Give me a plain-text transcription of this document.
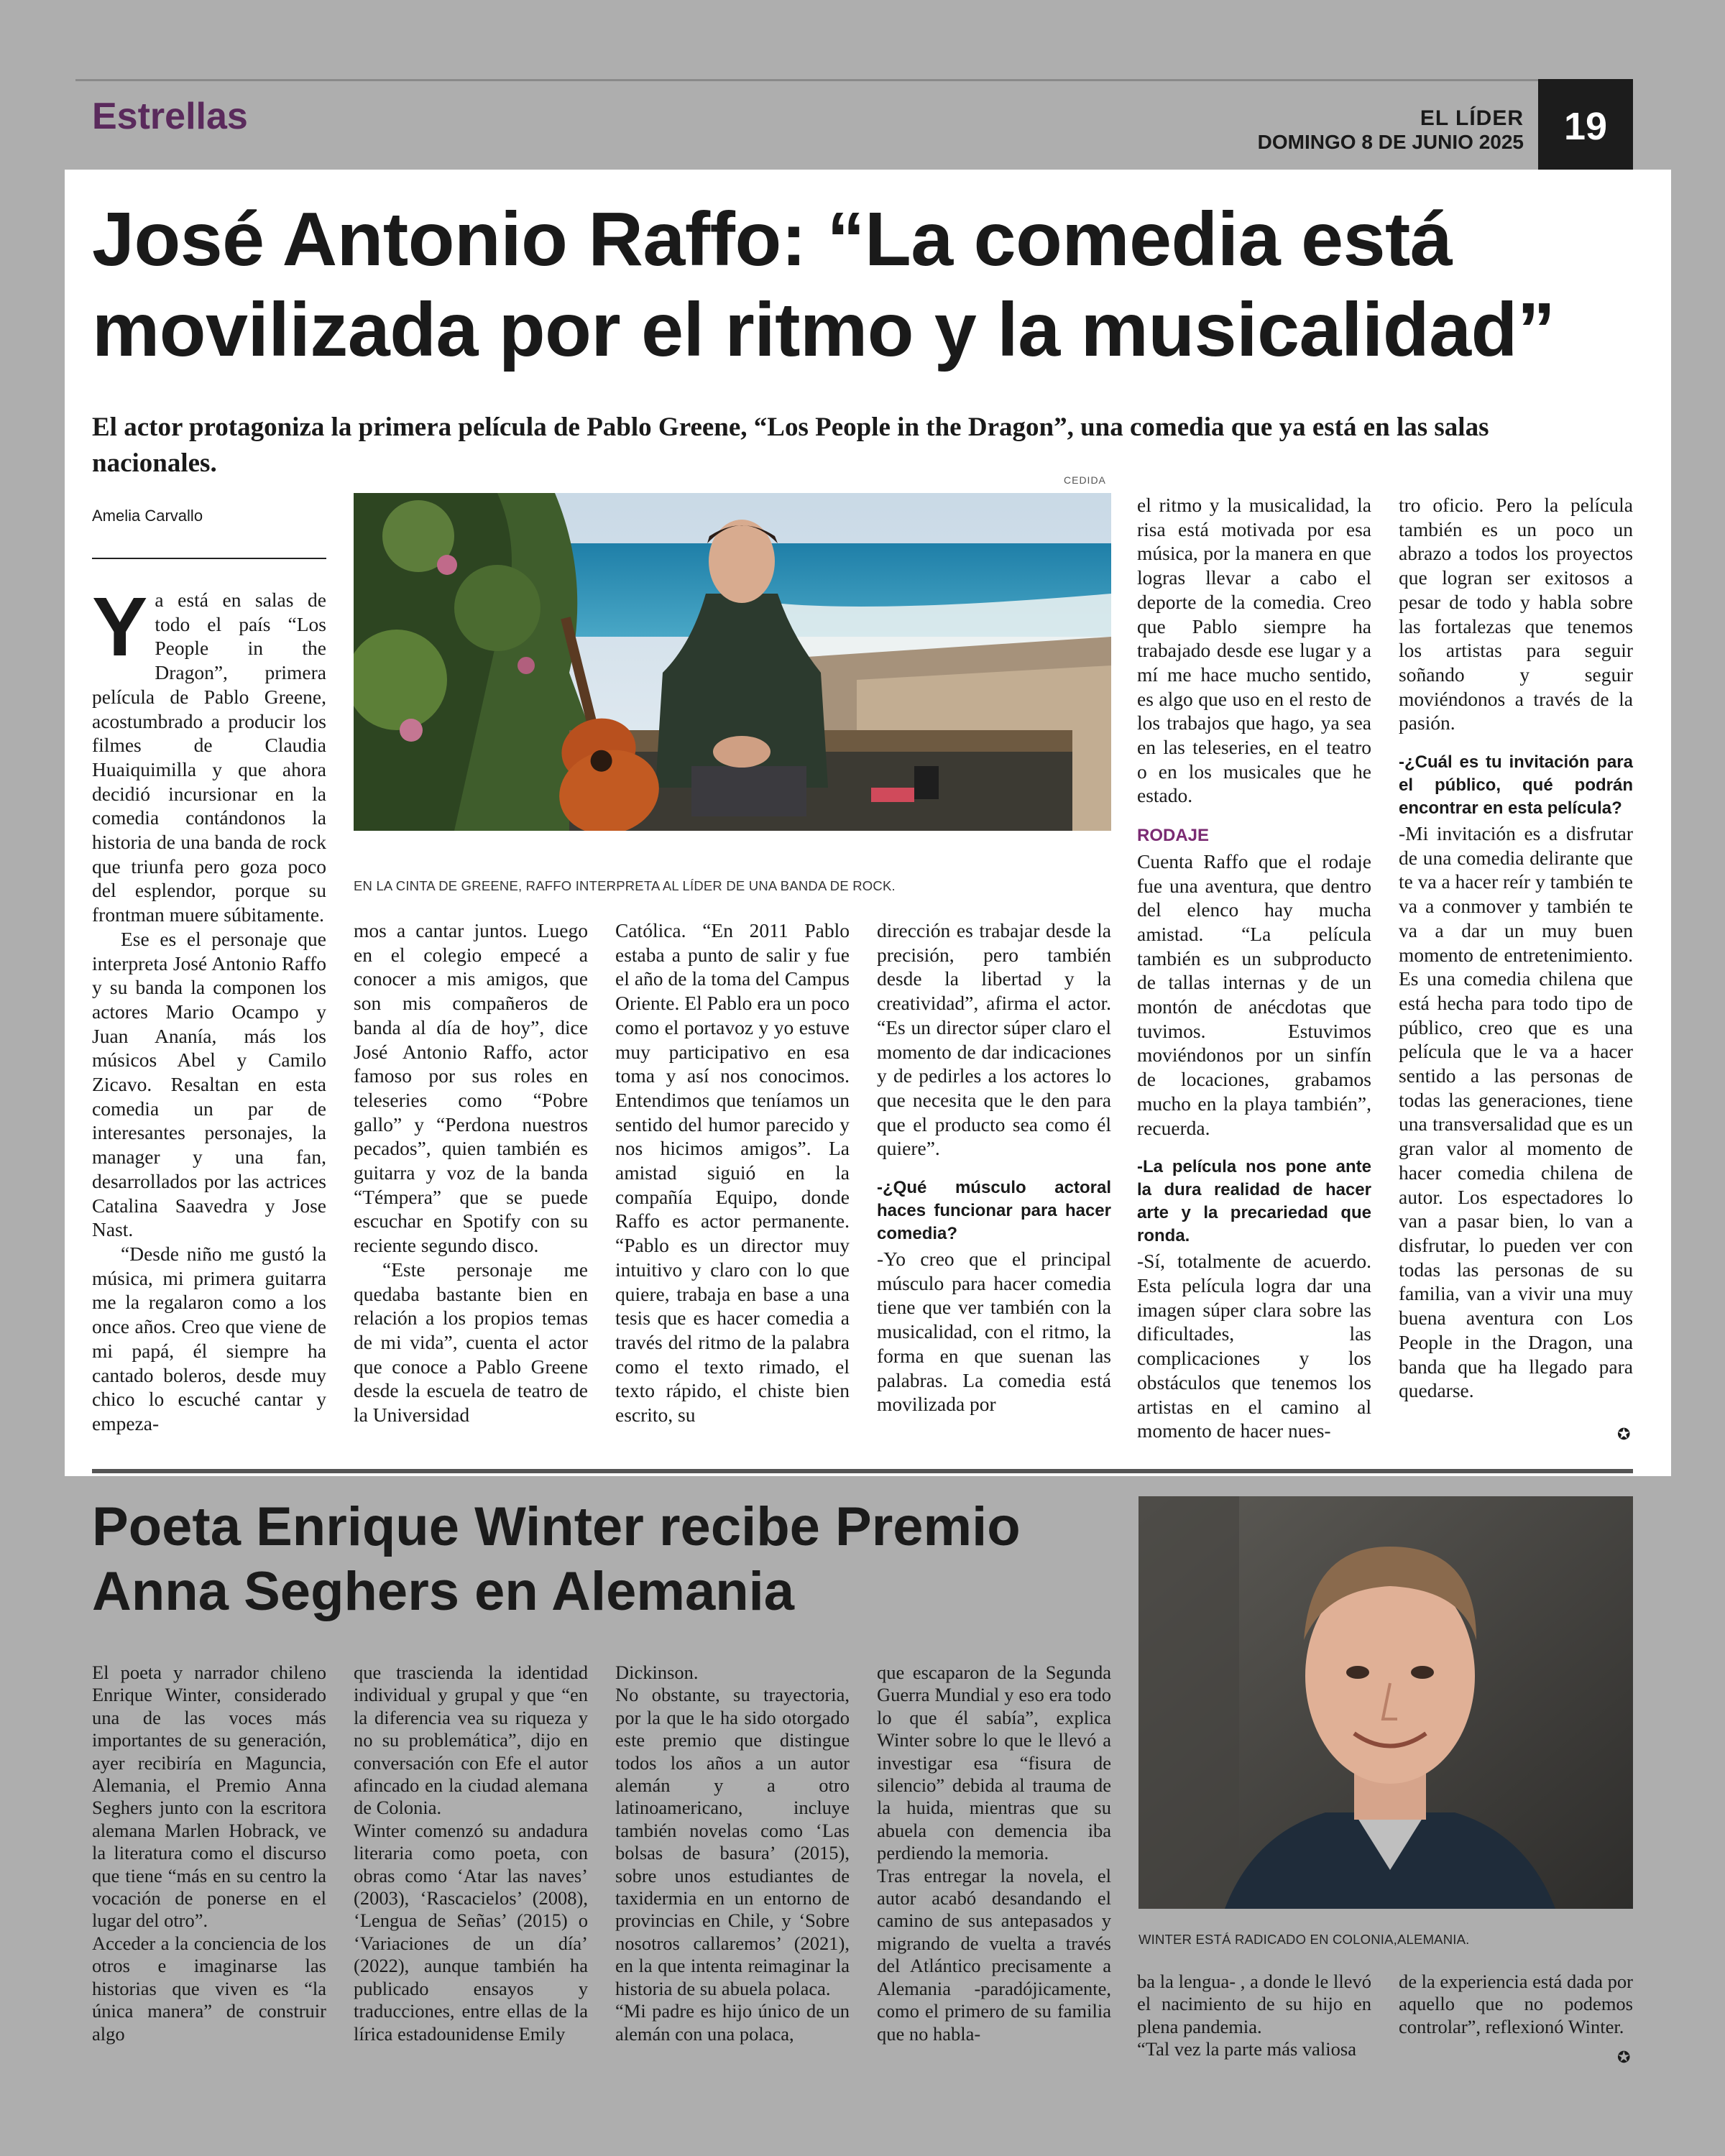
Estrellas	EL LÍDER
DOMINGO 8 DE JUNIO 2025	19
José Antonio Raffo: “La comedia está movilizada por el ritmo y la musicalidad”
El actor protagoniza la primera película de Pablo Greene, “Los People in the Dragon”, una comedia que ya está en las salas nacionales.
Amelia Carvallo
CEDIDA
EN LA CINTA DE GREENE, RAFFO INTERPRETA AL LÍDER DE UNA BANDA DE ROCK.

Ya está en salas de todo el país “Los People in the Dragon”, primera película de Pablo Greene, acostumbrado a producir los filmes de Claudia Huaiquimilla y que ahora decidió incursionar en la comedia contándonos la historia de una banda de rock que triunfa pero goza poco del esplendor, porque su frontman muere súbitamente.

Ese es el personaje que interpreta José Antonio Raffo y su banda la componen los actores Mario Ocampo y Juan Ananía, más los músicos Abel y Camilo Zicavo. Resaltan en esta comedia un par de interesantes personajes, la manager y una fan, desarrollados por las actrices Catalina Saavedra y Jose Nast.

“Desde niño me gustó la música, mi primera guitarra me la regalaron como a los once años. Creo que viene de mi papá, él siempre ha cantado boleros, desde muy chico lo escuché cantar y empeza-

mos a cantar juntos. Luego en el colegio empecé a conocer a mis amigos, que son mis compañeros de banda al día de hoy”, dice José Antonio Raffo, actor famoso por sus roles en teleseries como “Pobre gallo” y “Perdona nuestros pecados”, quien también es guitarra y voz de la banda “Témpera” que se puede escuchar en Spotify con su reciente segundo disco.

“Este personaje me quedaba bastante bien en relación a los propios temas de mi vida”, cuenta el actor que conoce a Pablo Greene desde la escuela de teatro de la Universidad

Católica. “En 2011 Pablo estaba a punto de salir y fue el año de la toma del Campus Oriente. El Pablo era un poco como el portavoz y yo estuve muy participativo en esa toma y así nos conocimos. Entendimos que teníamos un sentido del humor parecido y nos hicimos amigos”. La amistad siguió en la compañía Equipo, donde Raffo es actor permanente. “Pablo es un director muy intuitivo y claro con lo que quiere, trabaja en base a una tesis que es hacer comedia a través del ritmo de la palabra como el texto rimado, el texto rápido, el chiste bien escrito, su

dirección es trabajar desde la precisión, pero también desde la libertad y la creatividad”, afirma el actor. “Es un director súper claro el momento de dar indicaciones y de pedirles a los actores lo que necesita que le den para que el producto sea como él quiere”.

-¿Qué músculo actoral haces funcionar para hacer comedia?

-Yo creo que el principal músculo para hacer comedia tiene que ver también con la musicalidad, con el ritmo, la forma en que suenan las palabras. La comedia está movilizada por

el ritmo y la musicalidad, la risa está motivada por esa música, por la manera en que logras llevar a cabo el deporte de la comedia. Creo que Pablo siempre ha trabajado desde ese lugar y a mí me hace mucho sentido, es algo que uso en el resto de los trabajos que hago, ya sea en las teleseries, en el teatro o en los musicales que he estado.

RODAJE

Cuenta Raffo que el rodaje fue una aventura, que dentro del elenco hay mucha amistad. “La película también es un subproducto de tallas internas y de un montón de anécdotas que tuvimos. Estuvimos moviéndonos por un sinfín de locaciones, grabamos mucho en la playa también”, recuerda.

-La película nos pone ante la dura realidad de hacer arte y la precariedad que ronda.

-Sí, totalmente de acuerdo. Esta película logra dar una imagen súper clara sobre las dificultades, las complicaciones y los obstáculos que tenemos los artistas en el camino al momento de hacer nues-

tro oficio. Pero la película también es un poco un abrazo a todos los proyectos que logran ser exitosos a pesar de todo y habla sobre las fortalezas que tenemos los artistas para seguir soñando y seguir moviéndonos a través de la pasión.

-¿Cuál es tu invitación para el público, qué podrán encontrar en esta película?

-Mi invitación es a disfrutar de una comedia delirante que te va a hacer reír y también te va a conmover y también te va a dar un muy buen momento de entretenimiento. Es una comedia chilena que está hecha para todo tipo de público, creo que es una película que le va a hacer sentido a las personas de todas las generaciones, tiene una transversalidad que es un gran valor al momento de hacer comedia chilena de autor. Los espectadores lo van a pasar bien, lo van a disfrutar, lo pueden ver con todas las personas de su familia, van a vivir una muy buena aventura con Los People in the Dragon, una banda que ha llegado para quedarse.

✪
Poeta Enrique Winter recibe Premio Anna Seghers en Alemania
WINTER ESTÁ RADICADO EN COLONIA,ALEMANIA.

El poeta y narrador chileno Enrique Winter, considerado una de las voces más importantes de su generación, ayer recibiría en Maguncia, Alemania, el Premio Anna Seghers junto con la escritora alemana Marlen Hobrack, ve la literatura como el discurso que tiene “más en su centro la vocación de ponerse en el lugar del otro”.

Acceder a la conciencia de los otros e imaginarse las historias que viven es “la única manera” de construir algo

que trascienda la identidad individual y grupal y que “en la diferencia vea su riqueza y no su problemática”, dijo en conversación con Efe el autor afincado en la ciudad alemana de Colonia.

Winter comenzó su andadura literaria como poeta, con obras como ‘Atar las naves’ (2003), ‘Rascacielos’ (2008), ‘Lengua de Señas’ (2015) o ‘Variaciones de un día’ (2022), aunque también ha publicado ensayos y traducciones, entre ellas de la lírica estadounidense Emily

Dickinson.

No obstante, su trayectoria, por la que le ha sido otorgado este premio que distingue todos los años a un autor alemán y a otro latinoamericano, incluye también novelas como ‘Las bolsas de basura’ (2015), sobre unos estudiantes de taxidermia en un entorno de provincias en Chile, y ‘Sobre nosotros callaremos’ (2021), en la que intenta reimaginar la historia de su abuela polaca.

“Mi padre es hijo único de un alemán con una polaca,

que escaparon de la Segunda Guerra Mundial y eso era todo lo que él sabía”, explica Winter sobre lo que le llevó a investigar esa “fisura de silencio” debida al trauma de la huida, mientras que su abuela con demencia iba perdiendo la memoria.

Tras entregar la novela, el autor acabó desandando el camino de sus antepasados y migrando de vuelta a través del Atlántico precisamente a Alemania -paradójicamente, como el primero de su familia que no habla-

ba la lengua- , a donde le llevó el nacimiento de su hijo en plena pandemia.

“Tal vez la parte más valiosa

de la experiencia está dada por aquello que no podemos controlar”, reflexionó Winter.

✪
